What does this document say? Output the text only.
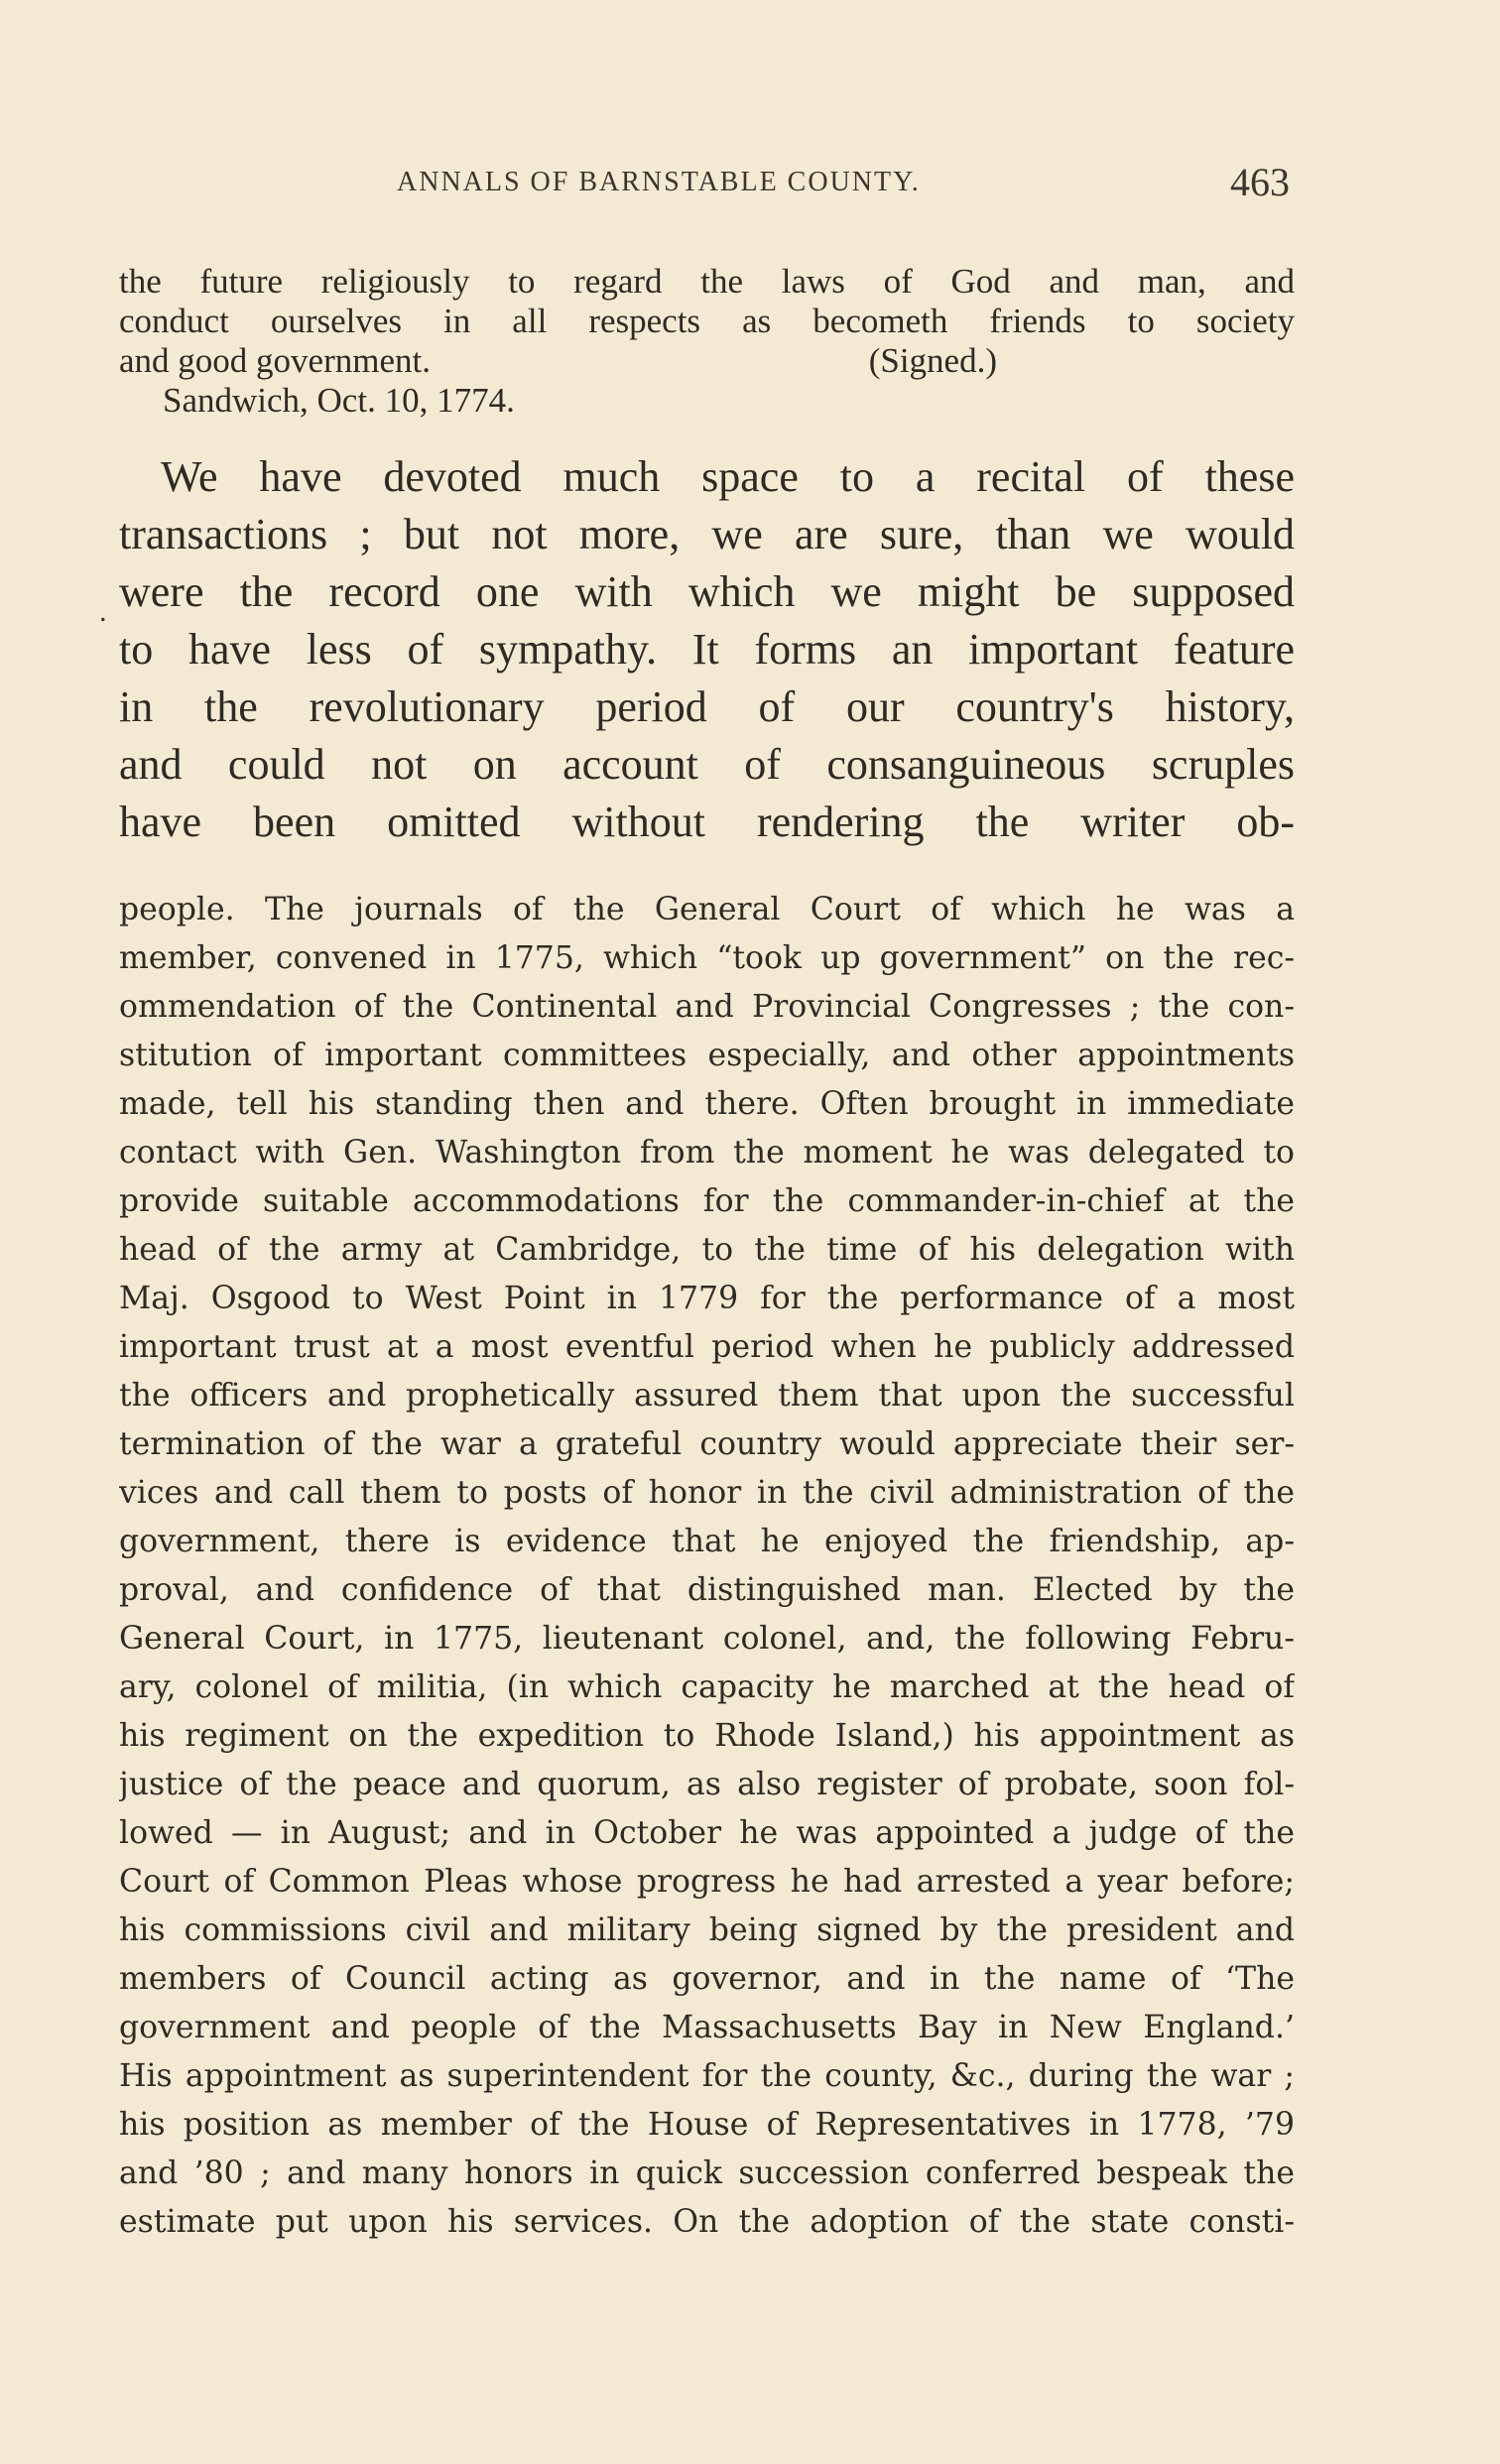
ANNALS OF BARNSTABLE COUNTY.	463
the future religiously to regard the laws of God and man, and
conduct ourselves in all respects as becometh friends to society
and good government.	(Signed.)
Sandwich, Oct. 10, 1774.
.
We have devoted much space to a recital of these
transactions ; but not more, we are sure, than we would
were the record one with which we might be supposed
to have less of sympathy. It forms an important feature
in the revolutionary period of our country's history,
and could not on account of consanguineous scruples
have been omitted without rendering the writer ob-
people. The journals of the General Court of which he was a
member, convened in 1775, which “took up government” on the rec-
ommendation of the Continental and Provincial Congresses ; the con-
stitution of important committees especially, and other appointments
made, tell his standing then and there. Often brought in immediate
contact with Gen. Washington from the moment he was delegated to
provide suitable accommodations for the commander-in-chief at the
head of the army at Cambridge, to the time of his delegation with
Maj. Osgood to West Point in 1779 for the performance of a most
important trust at a most eventful period when he publicly addressed
the officers and prophetically assured them that upon the successful
termination of the war a grateful country would appreciate their ser-
vices and call them to posts of honor in the civil administration of the
government, there is evidence that he enjoyed the friendship, ap-
proval, and confidence of that distinguished man. Elected by the
General Court, in 1775, lieutenant colonel, and, the following Febru-
ary, colonel of militia, (in which capacity he marched at the head of
his regiment on the expedition to Rhode Island,) his appointment as
justice of the peace and quorum, as also register of probate, soon fol-
lowed — in August; and in October he was appointed a judge of the
Court of Common Pleas whose progress he had arrested a year before;
his commissions civil and military being signed by the president and
members of Council acting as governor, and in the name of ‘The
government and people of the Massachusetts Bay in New England.’
His appointment as superintendent for the county, &c., during the war ;
his position as member of the House of Representatives in 1778, ’79
and ’80 ; and many honors in quick succession conferred bespeak the
estimate put upon his services. On the adoption of the state consti-
